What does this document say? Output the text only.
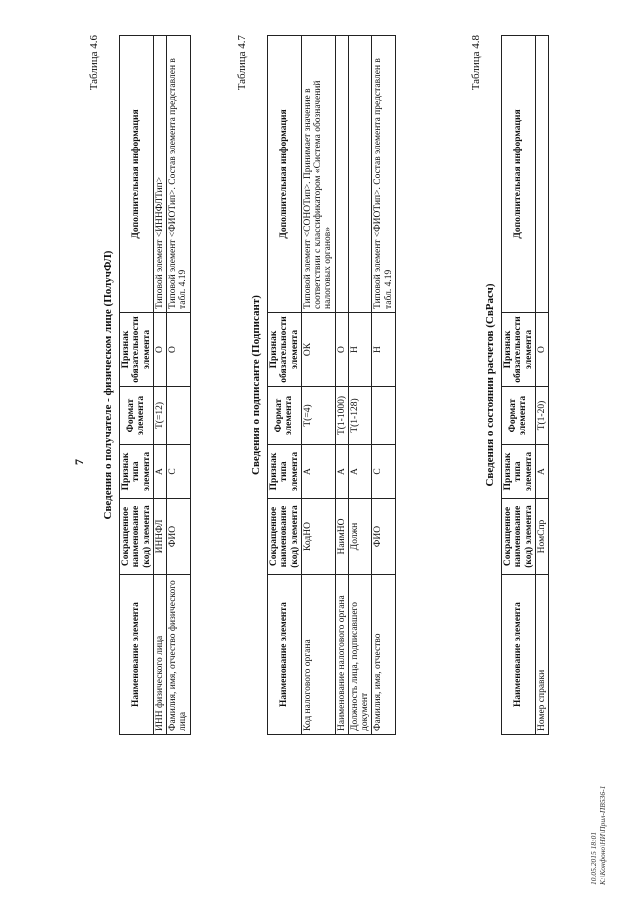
7
Таблица 4.6
Сведения о получателе - физическом лице (ПолучФЛ)
Наименование элемента	Сокращенное наименование (код) элемента	Признак типа элемента	Формат элемента	Признак обязательности элемента	Дополнительная информация
ИНН физического лица	ИННФЛ	А	Т(=12)	О	Типовой элемент <ИННФЛТип>
Фамилия, имя, отчество физического лица	ФИО	С		О	Типовой элемент <ФИОТип>. Состав элемента представлен в табл. 4.19
Таблица 4.7
Сведения о подписанте (Подписант)
Наименование элемента	Сокращенное наименование (код) элемента	Признак типа элемента	Формат элемента	Признак обязательности элемента	Дополнительная информация
Код налогового органа	КодНО	А	Т(=4)	ОК	Типовой элемент <СОНОТип>. Принимает значение в соответствии с классификатором «Система обозначений налоговых органов»
Наименование налогового органа	НаимНО	А	Т(1-1000)	О	
Должность лица, подписавшего документ	Должн	А	Т(1-128)	Н	
Фамилия, имя, отчество	ФИО	С		Н	Типовой элемент <ФИОТип>. Состав элемента представлен в табл. 4.19
Таблица 4.8
Сведения о состоянии расчетов (СвРасч)
Наименование элемента	Сокращенное наименование (код) элемента	Признак типа элемента	Формат элемента	Признак обязательности элемента	Дополнительная информация
Номер справки	НомСпр	А	Т(1-20)	О	
10.05.2015 18:01 К:\Конфоно\НИ\Прил-ПВ536-1
